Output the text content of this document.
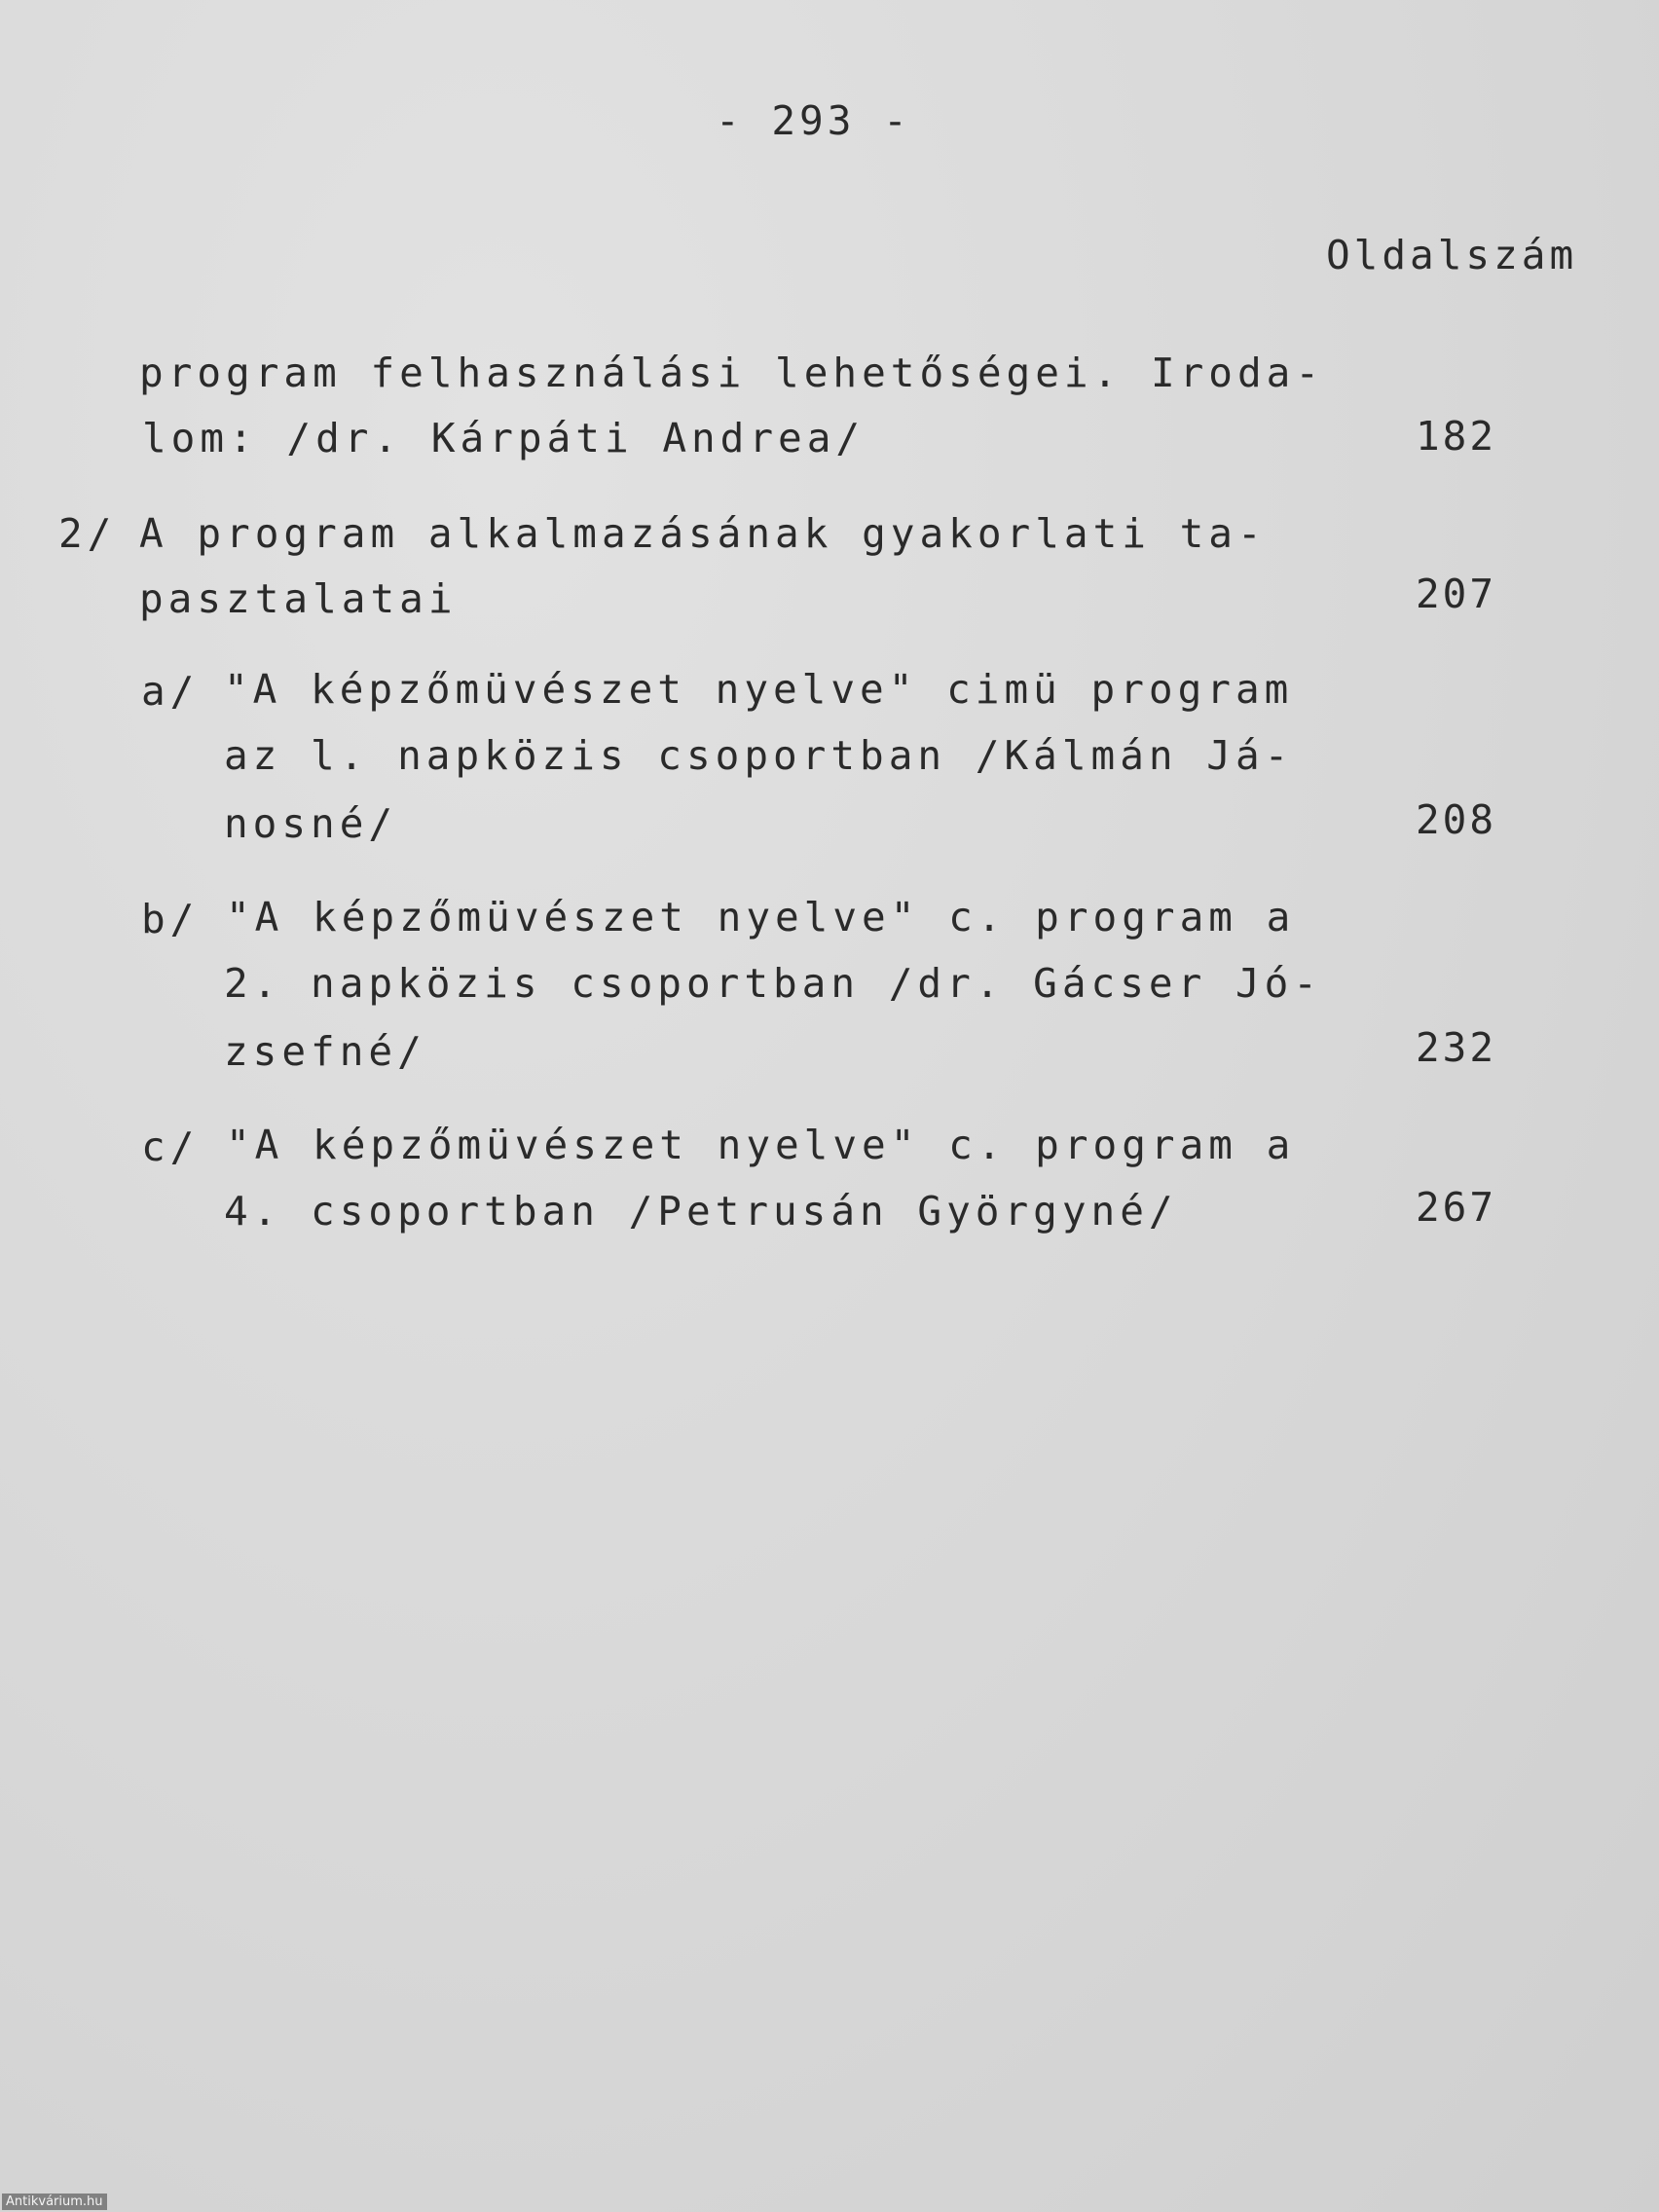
- 293 -
Oldalszám
program felhasználási lehetőségei. Iroda-
lom: /dr. Kárpáti Andrea/	182
2/ A program alkalmazásának gyakorlati ta-
pasztalatai	207
a/ "A képzőmüvészet nyelve" cimü program
az l. napközis csoportban /Kálmán Já-
nosné/	208
b/ "A képzőmüvészet nyelve" c. program a
2. napközis csoportban /dr. Gácser Jó-
zsefné/	232
c/ "A képzőmüvészet nyelve" c. program a
4. csoportban /Petrusán Györgyné/	267
Antikvárium.hu
